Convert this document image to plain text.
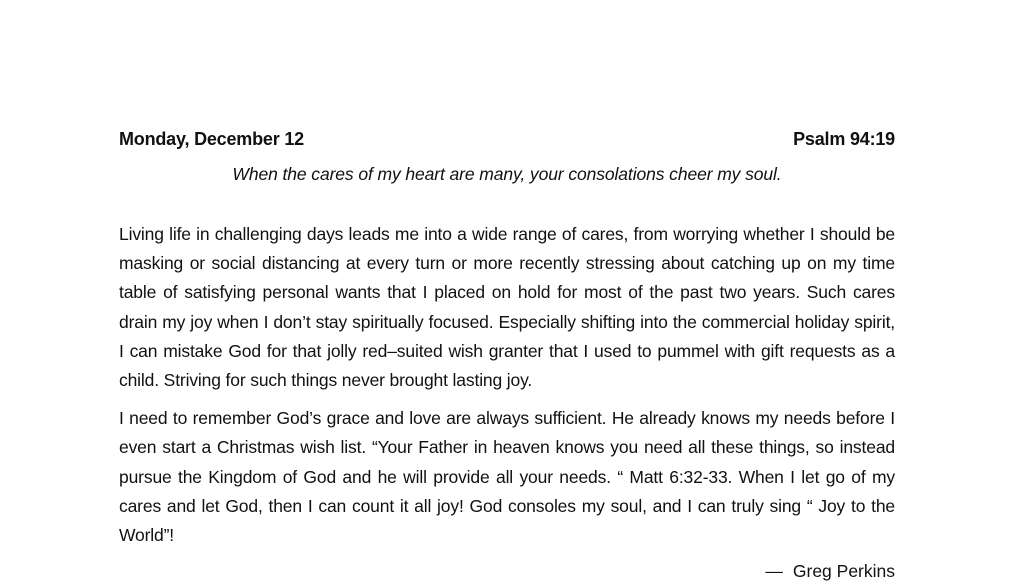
Monday, December 12	Psalm 94:19
When the cares of my heart are many, your consolations cheer my soul.

Living life in challenging days leads me into a wide range of cares, from worrying whether I should be masking or social distancing at every turn or more recently stressing about catching up on my time table of satisfying personal wants that I placed on hold for most of the past two years. Such cares drain my joy when I don’t stay spiritually focused. Especially shifting into the commercial holiday spirit, I can mistake God for that jolly red–suited wish granter that I used to pummel with gift requests as a child. Striving for such things never brought lasting joy.

I need to remember God’s grace and love are always sufficient. He already knows my needs before I even start a Christmas wish list. “Your Father in heaven knows you need all these things, so instead pursue the Kingdom of God and he will provide all your needs. “ Matt 6:32-33. When I let go of my cares and let God, then I can count it all joy! God consoles my soul, and I can truly sing “ Joy to the World”!

— Greg Perkins
